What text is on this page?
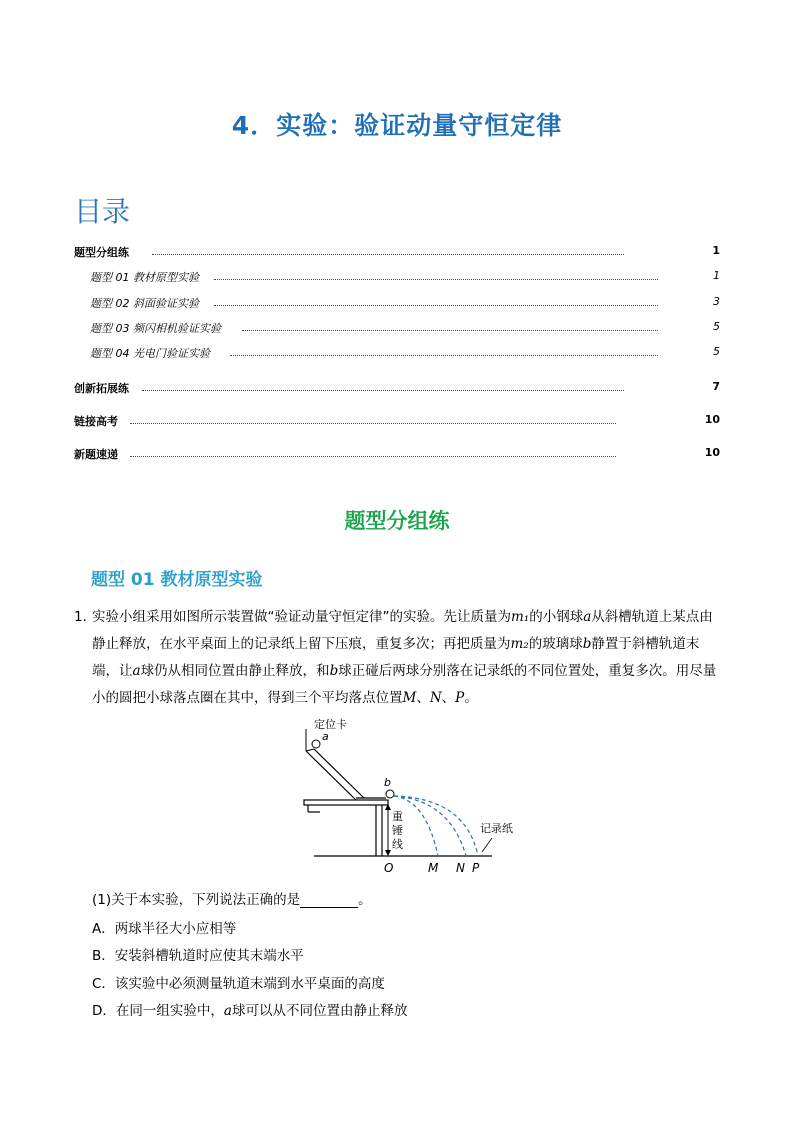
4．实验：验证动量守恒定律
目录
题型分组练	1
题型 01 教材原型实验	1
题型 02 斜面验证实验	3
题型 03 频闪相机验证实验	5
题型 04 光电门验证实验	5
创新拓展练	7
链接高考	10
新题速递	10
题型分组练
题型 01 教材原型实验
1．
实验小组采用如图所示装置做“验证动量守恒定律”的实验。先让质量为m₁的小钢球a从斜槽轨道上某点由静止释放，在水平桌面上的记录纸上留下压痕，重复多次；再把质量为m₂的玻璃球b静置于斜槽轨道末端，让a球仍从相同位置由静止释放，和b球正碰后两球分别落在记录纸的不同位置处，重复多次。用尽量小的圆把小球落点圈在其中，得到三个平均落点位置M、N、P。
定位卡
a
b
重
锤
线
记录纸
O	M N P
(1)关于本实验，下列说法正确的是	。
A．两球半径大小应相等
B．安装斜槽轨道时应使其末端水平
C．该实验中必须测量轨道末端到水平桌面的高度
D．在同一组实验中，a球可以从不同位置由静止释放
